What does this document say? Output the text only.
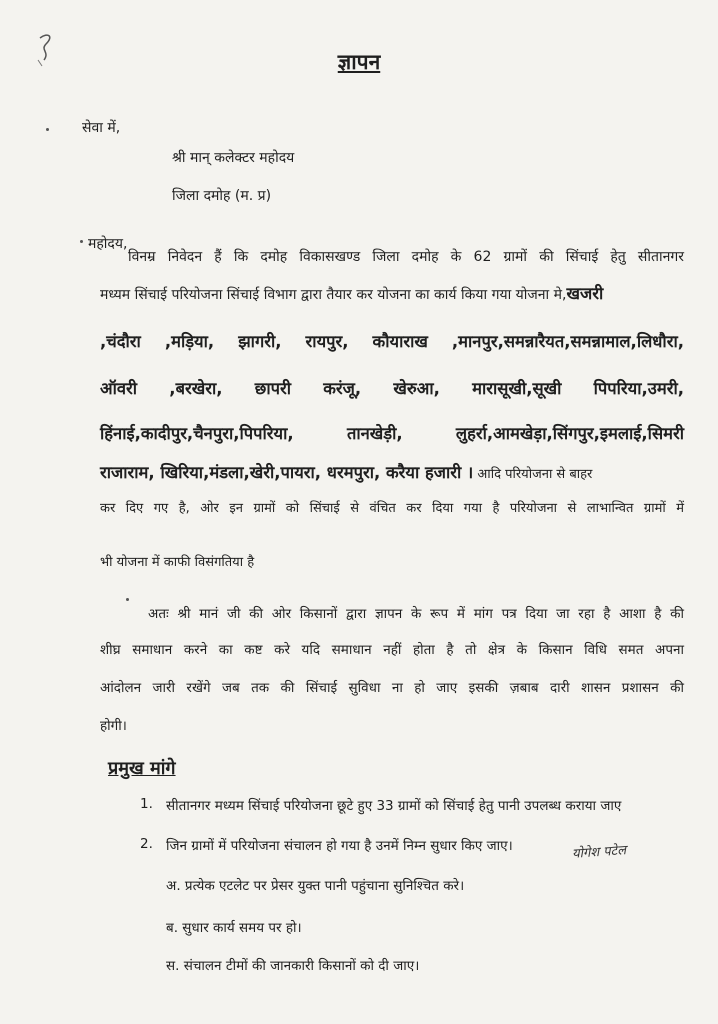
ज्ञापन
सेवा में,
श्री मान् कलेक्टर महोदय
जिला दमोह (म. प्र)
महोदय,
विनम्र निवेदन हैं कि दमोह विकासखण्ड जिला दमोह के 62 ग्रामों की सिंचाई हेतु सीतानगर
मध्यम सिंचाई परियोजना सिंचाई विभाग द्वारा तैयार कर योजना का कार्य किया गया योजना मे,खजरी
,चंदौरा ,मड़िया, झागरी, रायपुर, कौयाराख ,मानपुर,समन्नारैयत,समन्नामाल,लिधौरा,
ऑवरी ,बरखेरा, छापरी करंजू, खेरुआ, मारासूखी,सूखी पिपरिया,उमरी,
हिंनाई,कादीपुर,चैनपुरा,पिपरिया, तानखेड़ी, लुहर्रा,आमखेड़ा,सिंगपुर,इमलाई,सिमरी
राजाराम, खिरिया,मंडला,खेरी,पायरा, धरमपुरा, करैया हजारी । आदि परियोजना से बाहर
कर दिए गए है, ओर इन ग्रामों को सिंचाई से वंचित कर दिया गया है परियोजना से लाभान्वित ग्रामों में
भी योजना में काफी विसंगतिया है
अतः श्री मानं जी की ओर किसानों द्वारा ज्ञापन के रूप में मांग पत्र दिया जा रहा है आशा है की
शीघ्र समाधान करने का कष्ट करे यदि समाधान नहीं होता है तो क्षेत्र के किसान विधि समत अपना
आंदोलन जारी रखेंगे जब तक की सिंचाई सुविधा ना हो जाए इसकी ज़बाब दारी शासन प्रशासन की
होगी।
प्रमुख मांगे
1. सीतानगर मध्यम सिंचाई परियोजना छूटे हुए 33 ग्रामों को सिंचाई हेतु पानी उपलब्ध कराया जाए
2. जिन ग्रामों में परियोजना संचालन हो गया है उनमें निम्न सुधार किए जाए।	योगेश पटेल
अ. प्रत्येक एटलेट पर प्रेसर युक्त पानी पहुंचाना सुनिश्चित करे।
ब. सुधार कार्य समय पर हो।
स. संचालन टीमों की जानकारी किसानों को दी जाए।
